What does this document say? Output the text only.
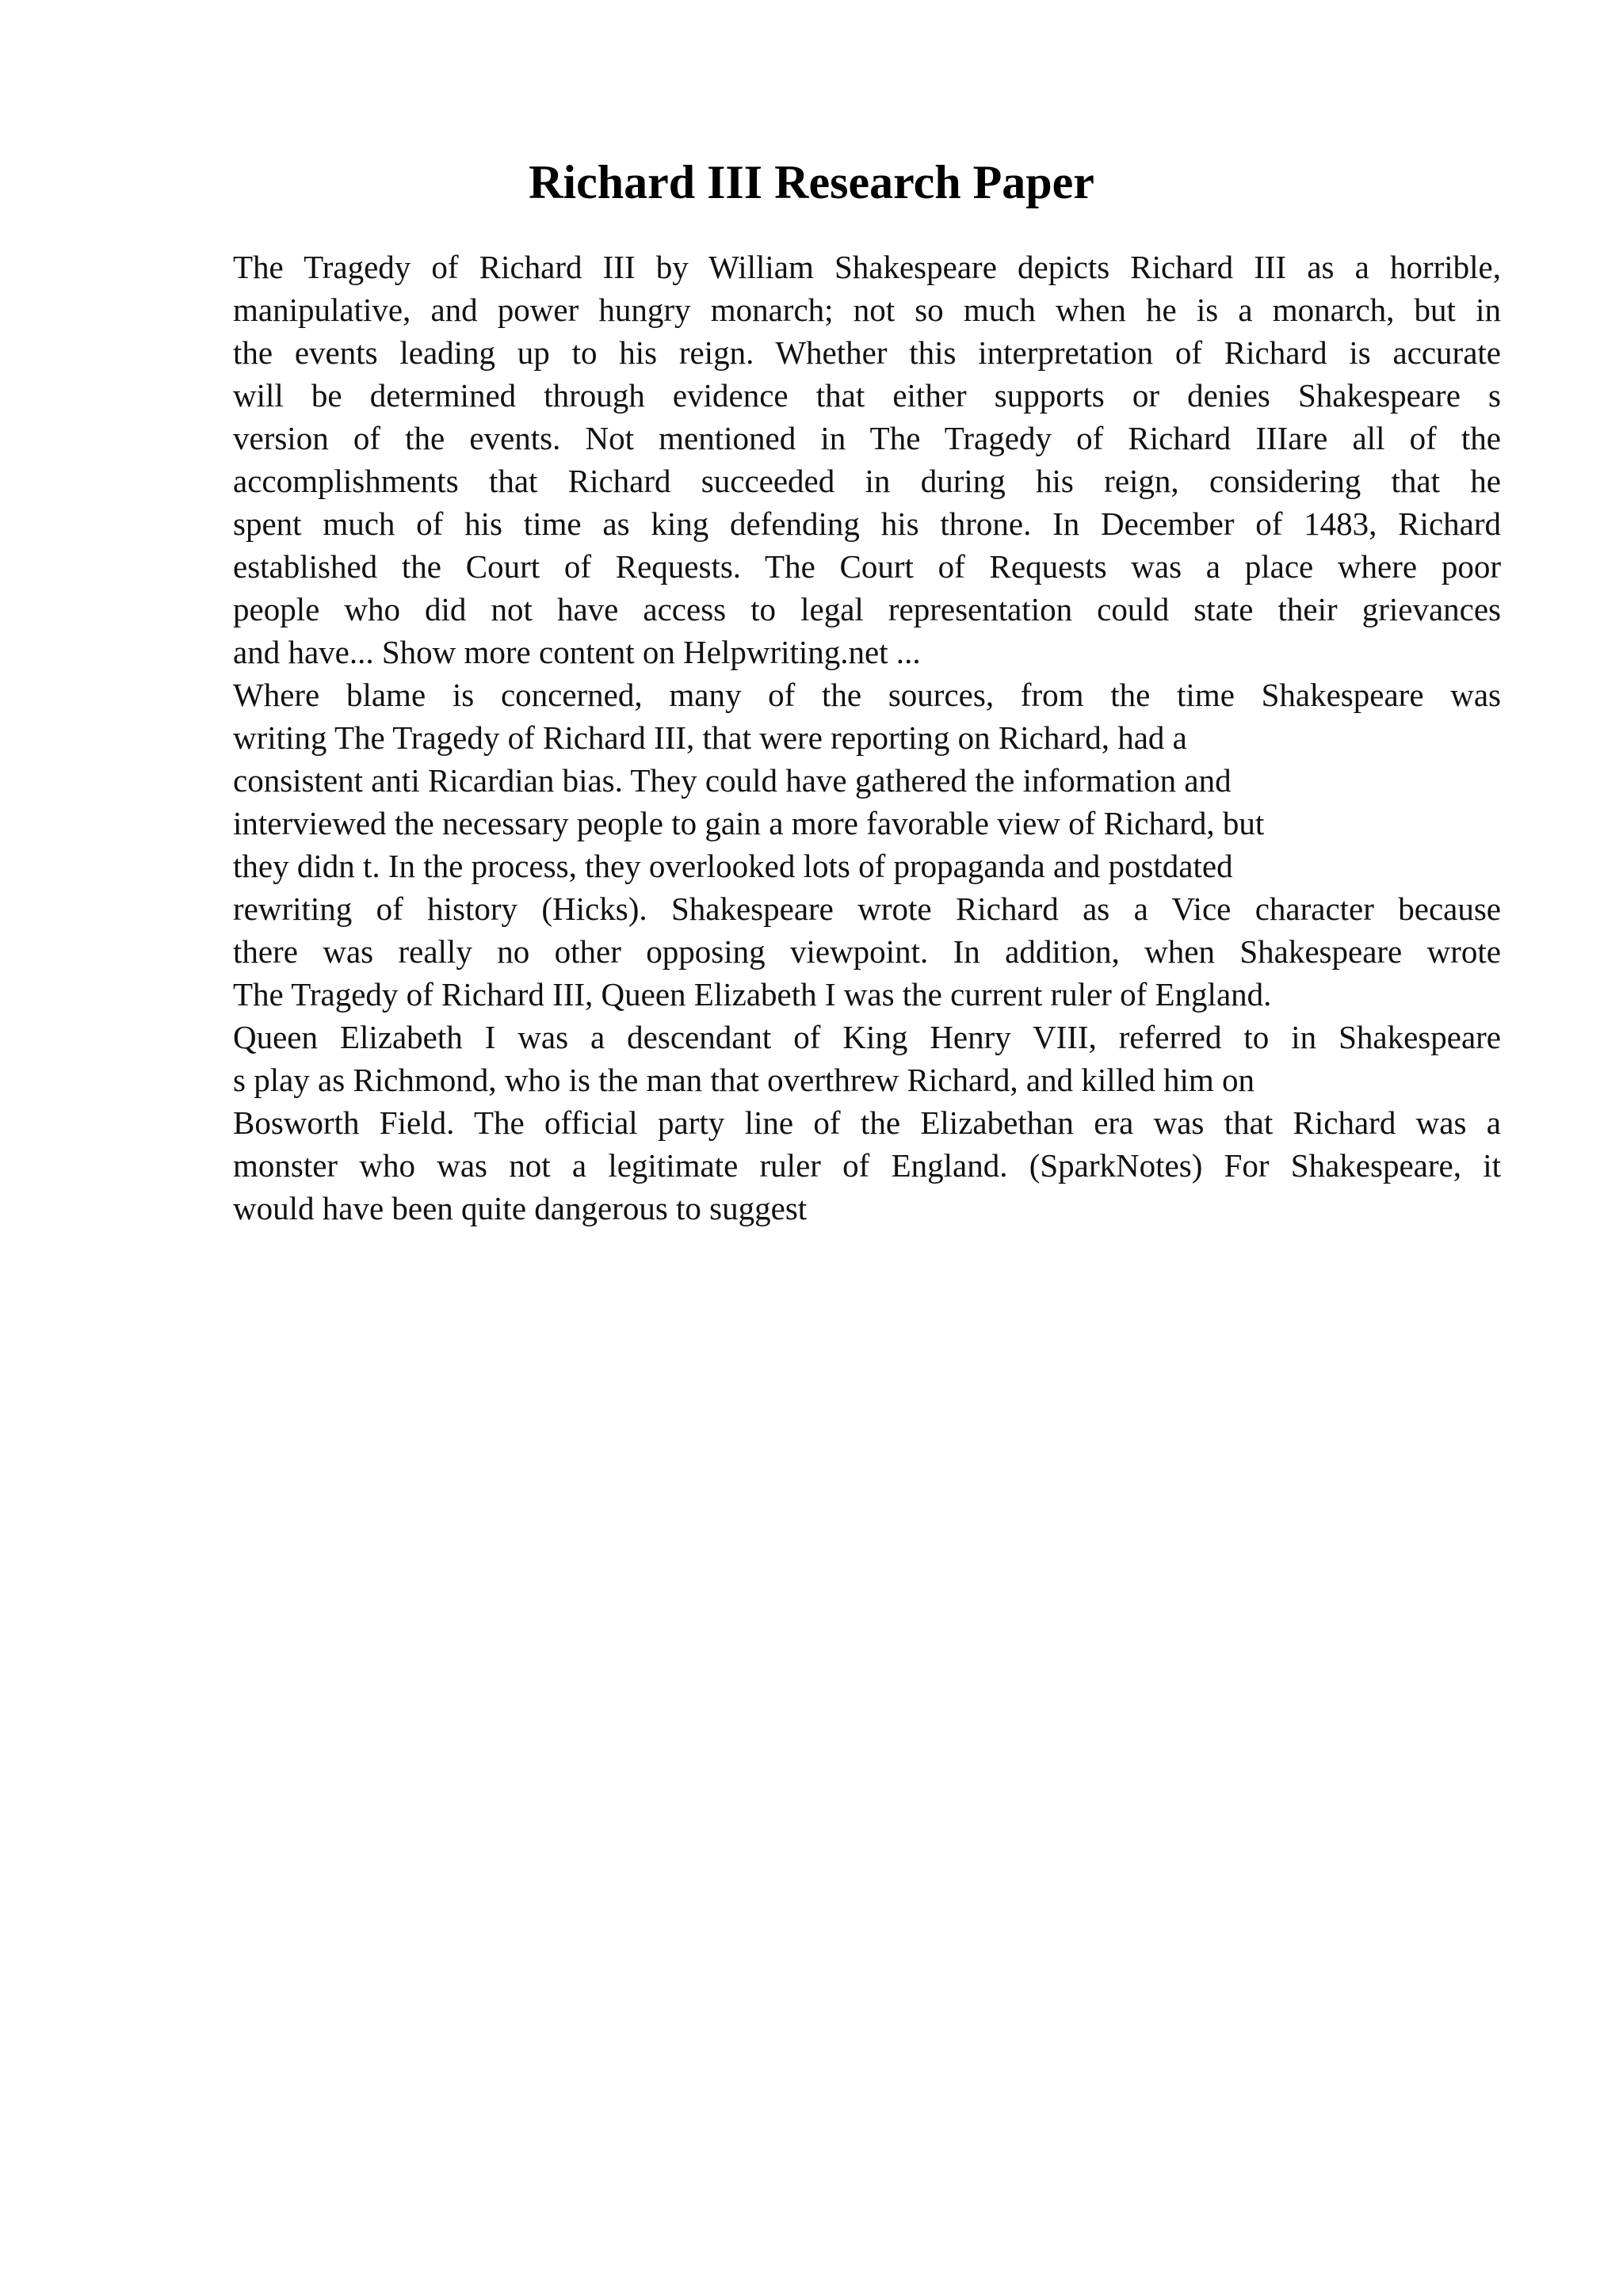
Richard III Research Paper
The Tragedy of Richard III by William Shakespeare depicts Richard III as a horrible,
manipulative, and power hungry monarch; not so much when he is a monarch, but in
the events leading up to his reign. Whether this interpretation of Richard is accurate
will be determined through evidence that either supports or denies Shakespeare s
version of the events. Not mentioned in The Tragedy of Richard IIIare all of the
accomplishments that Richard succeeded in during his reign, considering that he
spent much of his time as king defending his throne. In December of 1483, Richard
established the Court of Requests. The Court of Requests was a place where poor
people who did not have access to legal representation could state their grievances
and have... Show more content on Helpwriting.net ...
Where blame is concerned, many of the sources, from the time Shakespeare was
writing The Tragedy of Richard III, that were reporting on Richard, had a
consistent anti Ricardian bias. They could have gathered the information and
interviewed the necessary people to gain a more favorable view of Richard, but
they didn t. In the process, they overlooked lots of propaganda and postdated
rewriting of history (Hicks). Shakespeare wrote Richard as a Vice character because
there was really no other opposing viewpoint. In addition, when Shakespeare wrote
The Tragedy of Richard III, Queen Elizabeth I was the current ruler of England.
Queen Elizabeth I was a descendant of King Henry VIII, referred to in Shakespeare
s play as Richmond, who is the man that overthrew Richard, and killed him on
Bosworth Field. The official party line of the Elizabethan era was that Richard was a
monster who was not a legitimate ruler of England. (SparkNotes) For Shakespeare, it
would have been quite dangerous to suggest
